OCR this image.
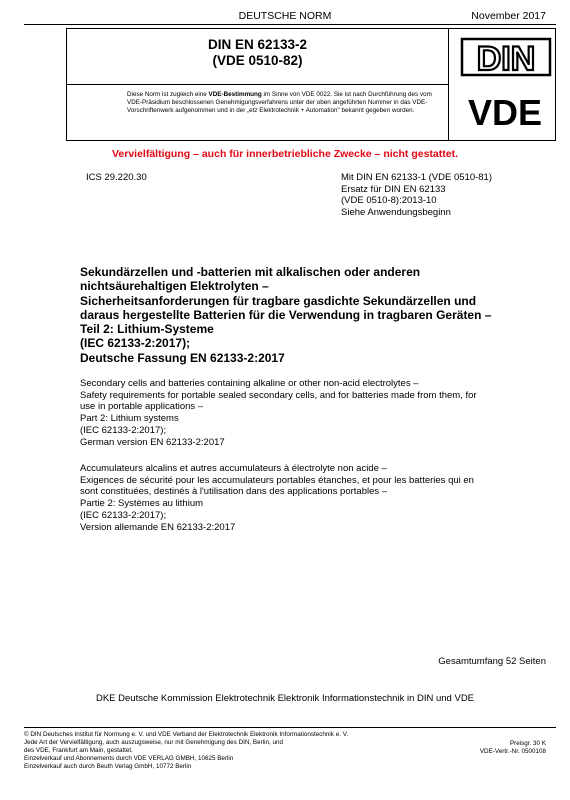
DEUTSCHE NORM	November 2017
DIN EN 62133-2
(VDE 0510-82)
Diese Norm ist zugleich eine VDE-Bestimmung im Sinne von VDE 0022. Sie ist nach Durchführung des vom VDE-Präsidium beschlossenen Genehmigungsverfahrens unter der oben angeführten Nummer in das VDE-Vorschriftenwerk aufgenommen und in der „etz Elektrotechnik + Automation" bekannt gegeben worden.
DIN
VDE
Vervielfältigung – auch für innerbetriebliche Zwecke – nicht gestattet.
ICS 29.220.30	Mit DIN EN 62133-1 (VDE 0510-81)
Ersatz für DIN EN 62133
(VDE 0510-8):2013-10
Siehe Anwendungsbeginn
Sekundärzellen und -batterien mit alkalischen oder anderen
nichtsäurehaltigen Elektrolyten –
Sicherheitsanforderungen für tragbare gasdichte Sekundärzellen und
daraus hergestellte Batterien für die Verwendung in tragbaren Geräten –
Teil 2: Lithium-Systeme
(IEC 62133-2:2017);
Deutsche Fassung EN 62133-2:2017
Secondary cells and batteries containing alkaline or other non-acid electrolytes –
Safety requirements for portable sealed secondary cells, and for batteries made from them, for
use in portable applications –
Part 2: Lithium systems
(IEC 62133-2:2017);
German version EN 62133-2:2017
Accumulateurs alcalins et autres accumulateurs à électrolyte non acide –
Exigences de sécurité pour les accumulateurs portables étanches, et pour les batteries qui en
sont constituées, destinés à l'utilisation dans des applications portables –
Partie 2: Systèmes au lithium
(IEC 62133-2:2017);
Version allemande EN 62133-2:2017
Gesamtumfang 52 Seiten
DKE Deutsche Kommission Elektrotechnik Elektronik Informationstechnik in DIN und VDE
© DIN Deutsches Institut für Normung e. V. und VDE Verband der Elektrotechnik Elektronik Informationstechnik e. V.
Jede Art der Vervielfältigung, auch auszugsweise, nur mit Genehmigung des DIN, Berlin, und
des VDE, Frankfurt am Main, gestattet.
Einzelverkauf und Abonnements durch VDE VERLAG GMBH, 10625 Berlin
Einzelverkauf auch durch Beuth Verlag GmbH, 10772 Berlin
Preisgr. 30 K
VDE-Vertr.-Nr. 0500108
